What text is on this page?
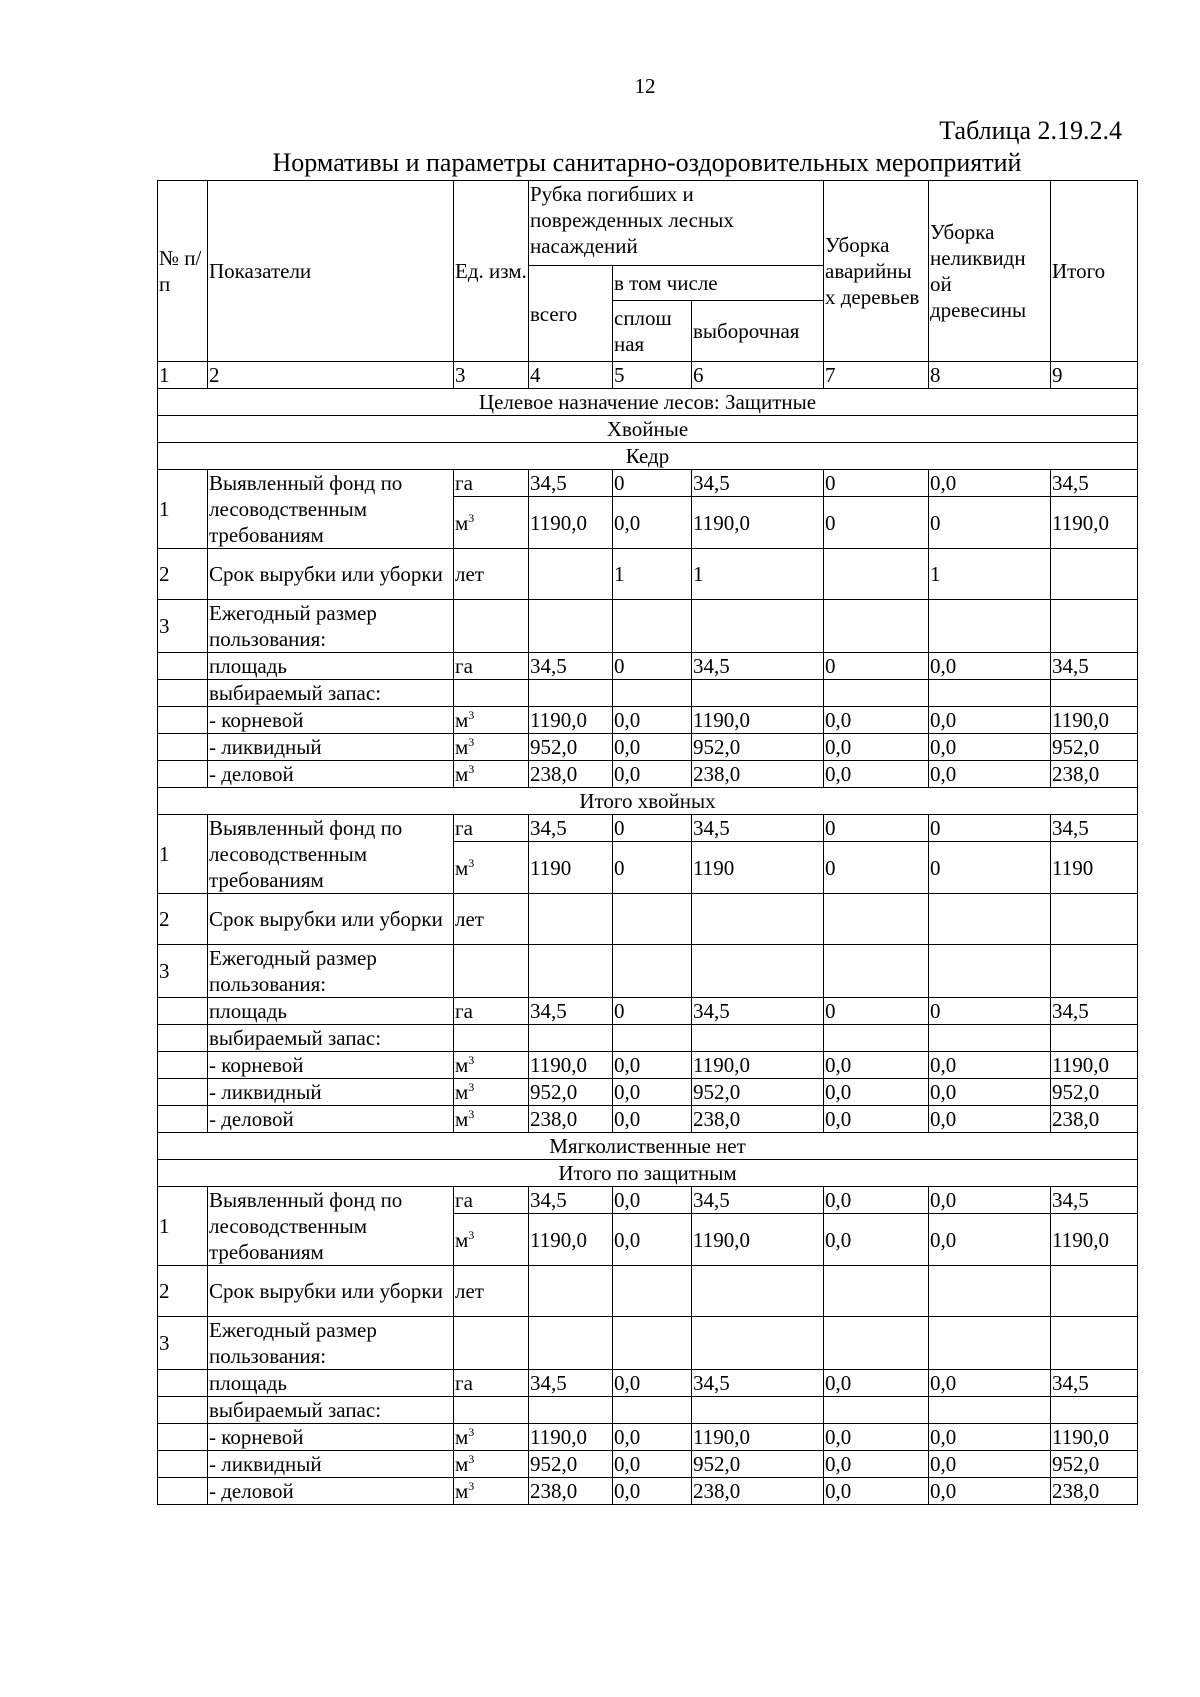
12
Таблица 2.19.2.4
Нормативы и параметры санитарно-оздоровительных мероприятий
№ п/п	Показатели	Ед. изм.	Рубка погибших и поврежденных лесных насаждений			Уборка аварийны х деревьев	Уборка неликвидн ой древесины	Итого
			всего	в том числе				
				сплош ная	выборочная			
1	2	3	4	5	6	7	8	9
Целевое назначение лесов: Защитные								
Хвойные								
Кедр								
1	Выявленный фонд по лесоводственным требованиям	га	34,5	0	34,5	0	0,0	34,5
		$м^3$	1190,0	0,0	1190,0	0	0	1190,0
2	Срок вырубки или уборки	лет		1	1		1	
3	Ежегодный размер пользования:							
	площадь	га	34,5	0	34,5	0	0,0	34,5
	выбираемый запас:							
	- корневой	$м^3$	1190,0	0,0	1190,0	0,0	0,0	1190,0
	- ликвидный	$м^3$	952,0	0,0	952,0	0,0	0,0	952,0
	- деловой	$м^3$	238,0	0,0	238,0	0,0	0,0	238,0
Итого хвойных								
1	Выявленный фонд по лесоводственным требованиям	га	34,5	0	34,5	0	0	34,5
		$м^3$	1190	0	1190	0	0	1190
2	Срок вырубки или уборки	лет						
3	Ежегодный размер пользования:							
	площадь	га	34,5	0	34,5	0	0	34,5
	выбираемый запас:							
	- корневой	$м^3$	1190,0	0,0	1190,0	0,0	0,0	1190,0
	- ликвидный	$м^3$	952,0	0,0	952,0	0,0	0,0	952,0
	- деловой	$м^3$	238,0	0,0	238,0	0,0	0,0	238,0
Мягколиственные нет								
Итого по защитным								
1	Выявленный фонд по лесоводственным требованиям	га	34,5	0,0	34,5	0,0	0,0	34,5
		$м^3$	1190,0	0,0	1190,0	0,0	0,0	1190,0
2	Срок вырубки или уборки	лет						
3	Ежегодный размер пользования:							
	площадь	га	34,5	0,0	34,5	0,0	0,0	34,5
	выбираемый запас:							
	- корневой	$м^3$	1190,0	0,0	1190,0	0,0	0,0	1190,0
	- ликвидный	$м^3$	952,0	0,0	952,0	0,0	0,0	952,0
	- деловой	$м^3$	238,0	0,0	238,0	0,0	0,0	238,0
